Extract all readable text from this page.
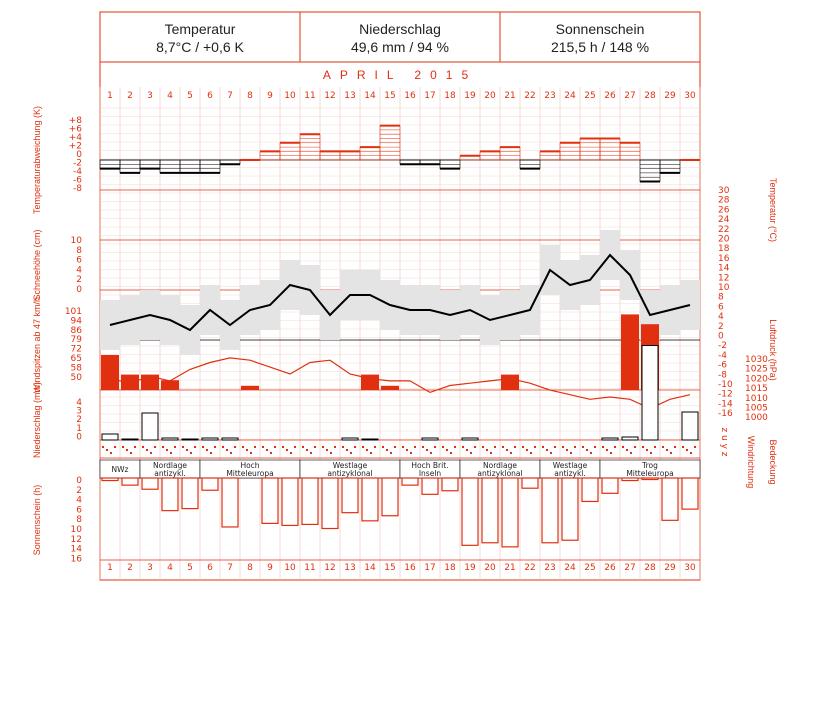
Temperatur
8,7°C / +0,6 K
Niederschlag
49,6 mm / 94 %
Sonnenschein
215,5 h / 148 %
APRIL 2015
1 2 3 4 5 6 7 8 9 10 11 12 13 14 15 16 17 18 19 20 21 22 23 24 25 26 27 28 29 30
1 2 3 4 5 6 7 8 9 10 11 12 13 14 15 16 17 18 19 20 21 22 23 24 25 26 27 28 29 30
NWz	Nordlage
antizykl.
Hoch
Mitteleuropa
Westlage
antizyklonal
Hoch Brit.
Inseln
Nordlage
antizyklonal
Westlage
antizykl.
Trog
Mitteleuropa
+8
+6
+4
+2
0
-2
-4
-6
-8
10
8
6
4
2
0
101
94
86
79
72
65
58
50
4
3
2
1
0
0
2
4
6
8
10
12
14
16
30
28
26
24
22
20
18
16
14
12
10
8
6
4
2
0
-2
-4
-6
-8
-10
-12
-14
-16
1030
1025
1020
1015
1010
1005
1000
Temperaturabweichung (K)
Schneehöhe (cm)
Windspitzen ab 47 km/h
Niederschlag (mm)
Sonnenschein (h)
Temperatur (°C)
Luftdruck (hPa)
Windrichtung Bedeckung
z u y z
